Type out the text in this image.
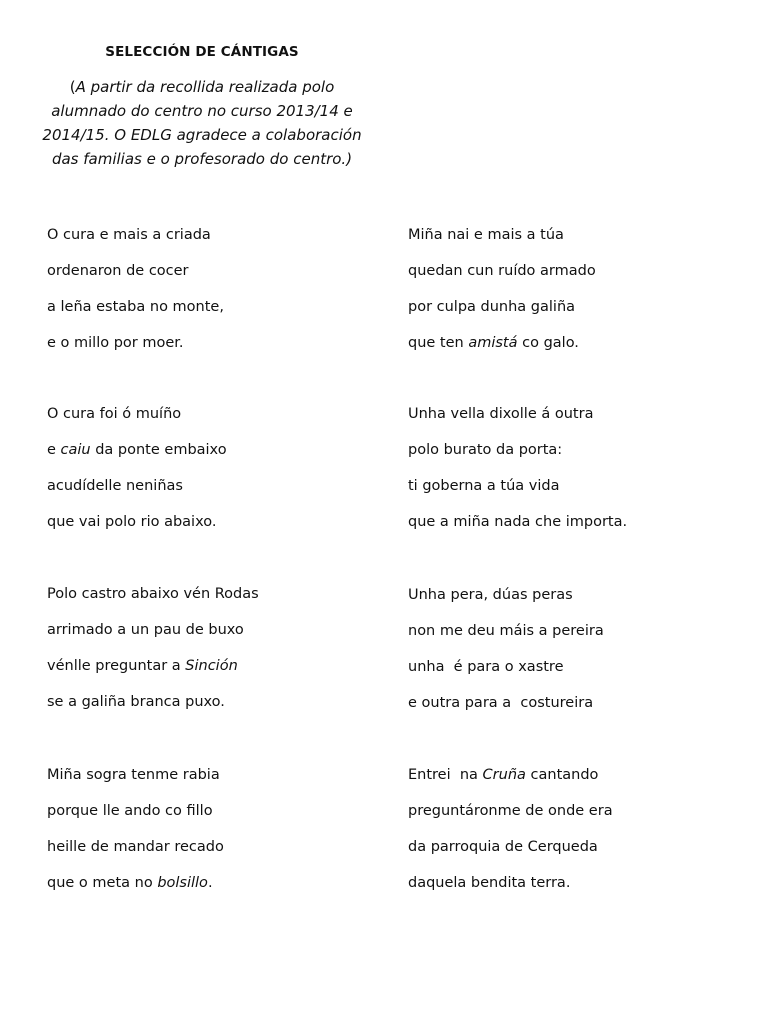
SELECCIÓN DE CÁNTIGAS
(A partir da recollida realizada polo alumnado do centro no curso 2013/14 e 2014/15. O EDLG agradece a colaboración das familias e o profesorado do centro.)
O cura e mais a criada
ordenaron de cocer
a leña estaba no monte,
e o millo por moer.
Miña nai e mais a túa
quedan cun ruído armado
por culpa dunha galiña
que ten amistá co galo.
O cura foi ó muíño
e caiu da ponte embaixo
acudídelle neniñas
que vai polo rio abaixo.
Unha vella dixolle á outra
polo burato da porta:
ti goberna a túa vida
que a miña nada che importa.
Polo castro abaixo vén Rodas
arrimado a un pau de buxo
vénlle preguntar a Sinción
se a galiña branca puxo.
Unha pera, dúas peras
non me deu máis a pereira
unha  é para o xastre
e outra para a  costureira
Miña sogra tenme rabia
porque lle ando co fillo
heille de mandar recado
que o meta no bolsillo.
Entrei  na Cruña cantando
preguntáronme de onde era
da parroquia de Cerqueda
daquela bendita terra.
